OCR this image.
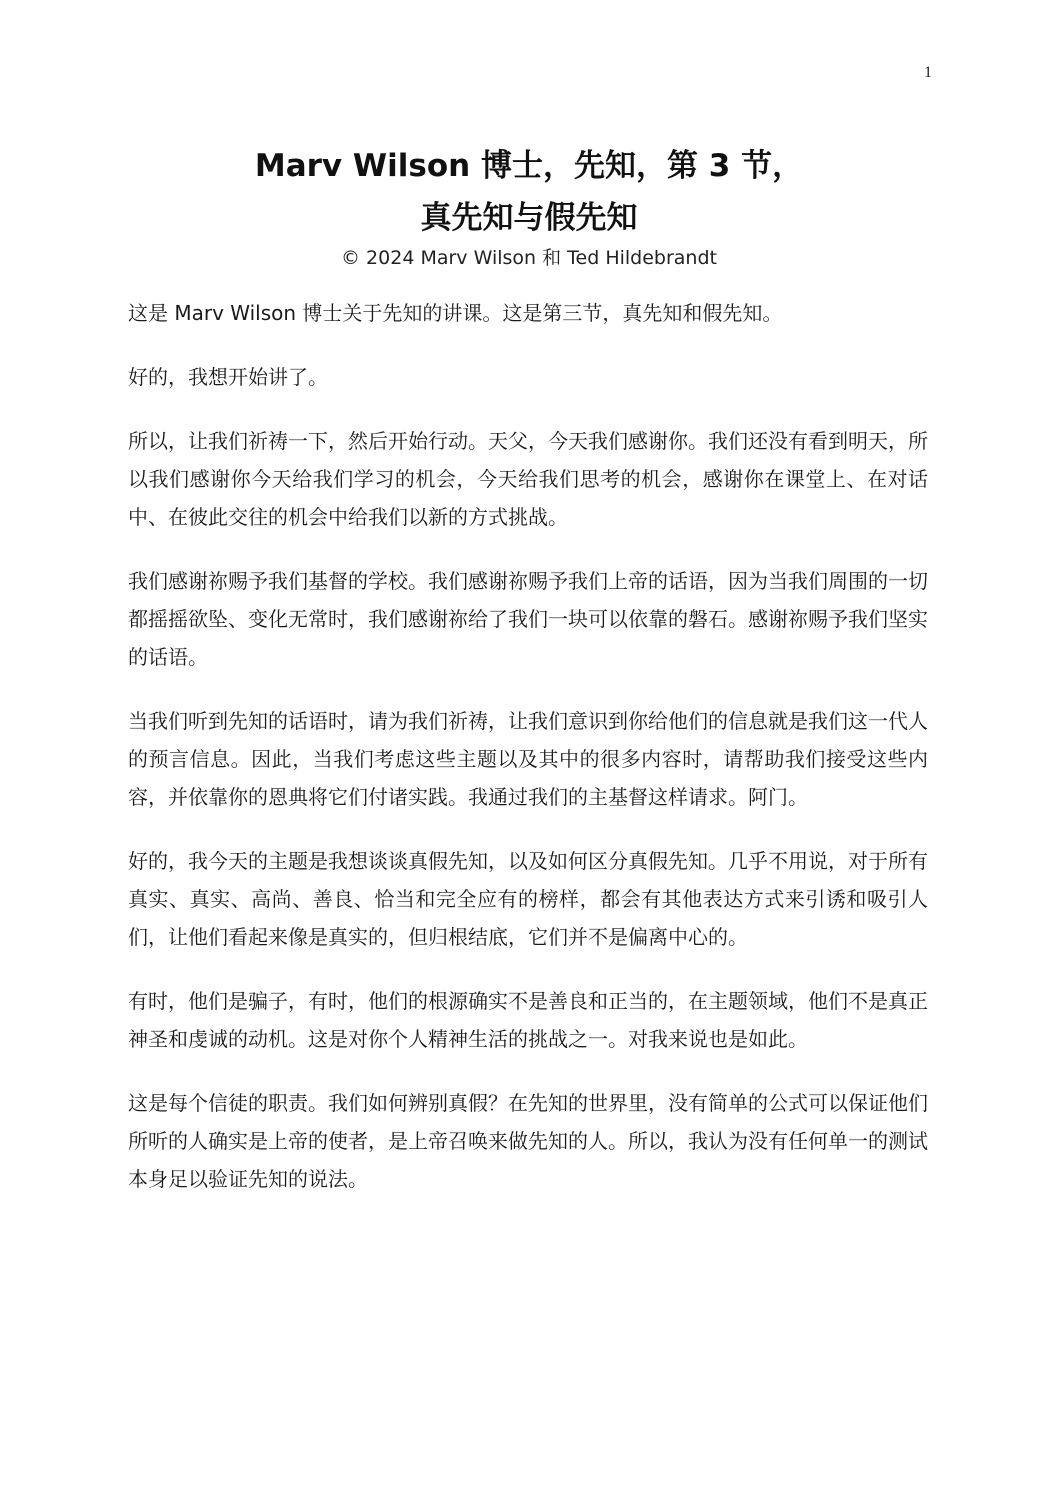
1
Marv Wilson 博士，先知，第 3 节，
真先知与假先知
© 2024 Marv Wilson 和 Ted Hildebrandt

这是 Marv Wilson 博士关于先知的讲课。这是第三节，真先知和假先知。

好的，我想开始讲了。

所以，让我们祈祷一下，然后开始行动。天父，今天我们感谢你。我们还没有看到明天，所以我们感谢你今天给我们学习的机会，今天给我们思考的机会，感谢你在课堂上、在对话中、在彼此交往的机会中给我们以新的方式挑战。

我们感谢祢赐予我们基督的学校。我们感谢祢赐予我们上帝的话语，因为当我们周围的一切都摇摇欲坠、变化无常时，我们感谢祢给了我们一块可以依靠的磐石。感谢祢赐予我们坚实的话语。

当我们听到先知的话语时，请为我们祈祷，让我们意识到你给他们的信息就是我们这一代人的预言信息。因此，当我们考虑这些主题以及其中的很多内容时，请帮助我们接受这些内容，并依靠你的恩典将它们付诸实践。我通过我们的主基督这样请求。阿门。

好的，我今天的主题是我想谈谈真假先知，以及如何区分真假先知。几乎不用说，对于所有真实、真实、高尚、善良、恰当和完全应有的榜样，都会有其他表达方式来引诱和吸引人们，让他们看起来像是真实的，但归根结底，它们并不是偏离中心的。

有时，他们是骗子，有时，他们的根源确实不是善良和正当的，在主题领域，他们不是真正神圣和虔诚的动机。这是对你个人精神生活的挑战之一。对我来说也是如此。

这是每个信徒的职责。我们如何辨别真假？在先知的世界里，没有简单的公式可以保证他们所听的人确实是上帝的使者，是上帝召唤来做先知的人。所以，我认为没有任何单一的测试本身足以验证先知的说法。
